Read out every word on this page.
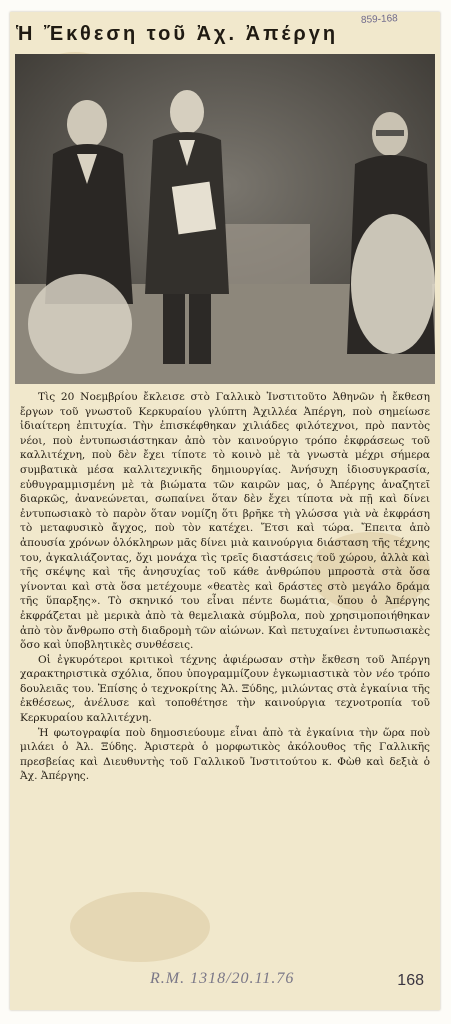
Ἡ Ἔκθεση τοῦ Ἀχ. Ἀπέργη
859-168

Τὶς 20 Νοεμβρίου ἔκλεισε στὸ Γαλλικὸ Ἰνστιτοῦτο Ἀθηνῶν ἡ ἔκθεση ἔργων τοῦ γνωστοῦ Κερκυραίου γλύπτη Ἀχιλλέα Ἀπέργη, ποὺ σημείωσε ἰδιαίτερη ἐπιτυχία. Τὴν ἐπισκέφθηκαν χιλιάδες φιλότεχνοι, πρὸ παντὸς νέοι, ποὺ ἐντυπωσιάστηκαν ἀπὸ τὸν καινούργιο τρόπο ἐκφράσεως τοῦ καλλιτέχνη, ποὺ δὲν ἔχει τίποτε τὸ κοινὸ μὲ τὰ γνωστὰ μέχρι σήμερα συμβατικὰ μέσα καλλιτεχνικῆς δημιουργίας. Ἀνήσυχη ἰδιοσυγκρασία, εὐθυγραμμισμένη μὲ τὰ βιώματα τῶν καιρῶν μας, ὁ Ἀπέργης ἀναζητεῖ διαρκῶς, ἀνανεώνεται, σωπαίνει ὅταν δὲν ἔχει τίποτα νὰ πῇ καὶ δίνει ἐντυπωσιακὸ τὸ παρὸν ὅταν νομίζη ὅτι βρῆκε τὴ γλώσσα γιὰ νὰ ἐκφράση τὸ μεταφυσικὸ ἄγχος, ποὺ τὸν κατέχει. Ἔτσι καὶ τώρα. Ἔπειτα ἀπὸ ἀπουσία χρόνων ὁλόκληρων μᾶς δίνει μιὰ καινούργια διάσταση τῆς τέχνης του, ἀγκαλιάζοντας, ὄχι μονάχα τὶς τρεῖς διαστάσεις τοῦ χώρου, ἀλλὰ καὶ τῆς σκέψης καὶ τῆς ἀνησυχίας τοῦ κάθε ἀνθρώπου μπροστὰ στὰ ὅσα γίνονται καὶ στὰ ὅσα μετέχουμε «θεατὲς καὶ δράστες στὸ μεγάλο δράμα τῆς ὕπαρξης». Τὸ σκηνικό του εἶναι πέντε δωμάτια, ὅπου ὁ Ἀπέργης ἐκφράζεται μὲ μερικὰ ἀπὸ τὰ θεμελιακὰ σύμβολα, ποὺ χρησιμοποιήθηκαν ἀπὸ τὸν ἄνθρωπο στὴ διαδρομὴ τῶν αἰώνων. Καὶ πετυχαίνει ἐντυπωσιακὲς ὅσο καὶ ὑποβλητικὲς συνθέσεις.

Οἱ ἐγκυρότεροι κριτικοὶ τέχνης ἀφιέρωσαν στὴν ἔκθεση τοῦ Ἀπέργη χαρακτηριστικὰ σχόλια, ὅπου ὑπογραμμίζουν ἐγκωμιαστικὰ τὸν νέο τρόπο δουλειᾶς του. Ἐπίσης ὁ τεχνοκρίτης Ἀλ. Ξύδης, μιλώντας στὰ ἐγκαίνια τῆς ἐκθέσεως, ἀνέλυσε καὶ τοποθέτησε τὴν καινούργια τεχνοτροπία τοῦ Κερκυραίου καλλιτέχνη.

Ἡ φωτογραφία ποὺ δημοσιεύουμε εἶναι ἀπὸ τὰ ἐγκαίνια τὴν ὥρα ποὺ μιλάει ὁ Ἀλ. Ξύδης. Ἀριστερὰ ὁ μορφωτικὸς ἀκόλουθος τῆς Γαλλικῆς πρεσβείας καὶ Διευθυντὴς τοῦ Γαλλικοῦ Ἰνστιτούτου κ. Φὼθ καὶ δεξιὰ ὁ Ἀχ. Ἀπέργης.

R.M. 1318/20.11.76	168
